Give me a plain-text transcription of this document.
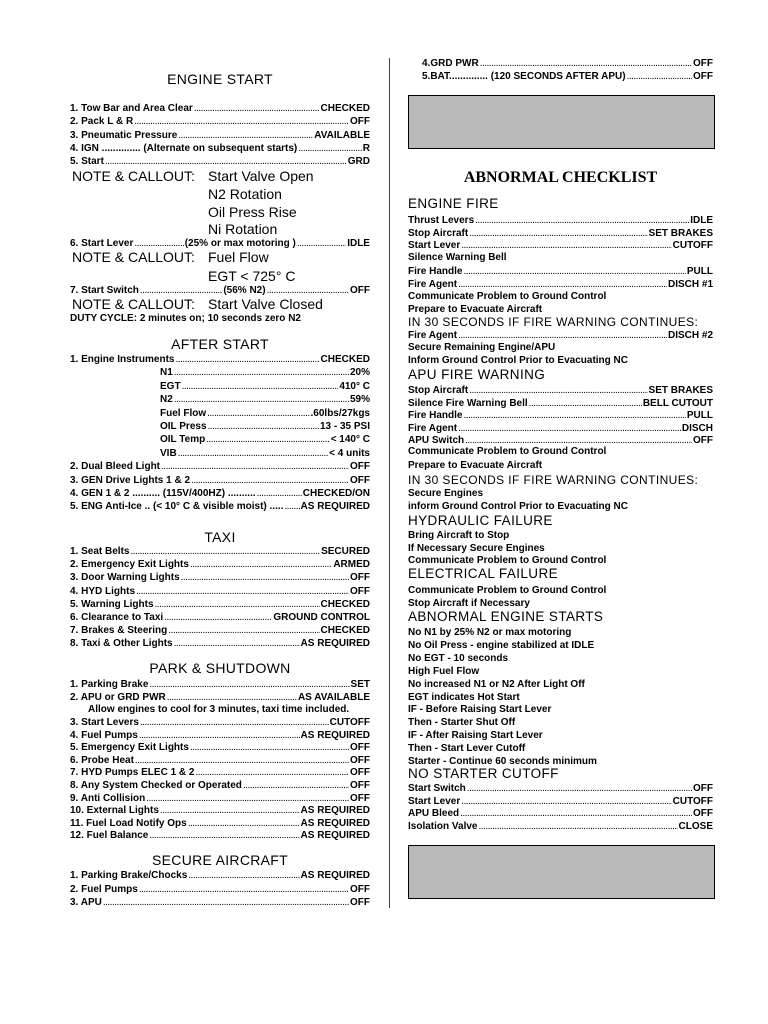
ENGINE START
1. Tow Bar and Area Clear .....	CHECKED
2. Pack L & R .....	OFF
3. Pneumatic Pressure .....	AVAILABLE
4. IGN .............. (Alternate on subsequent starts) .....	R
5. Start .....	GRD
NOTE & CALLOUT: Start Valve Open
N2 Rotation
Oil Press Rise
Ni Rotation
6. Start Lever .....	(25% or max motoring ) .....	IDLE
NOTE & CALLOUT: Fuel Flow
EGT < 725° C
7. Start Switch .....	(56% N2) .....	OFF
NOTE & CALLOUT: Start Valve Closed
DUTY CYCLE: 2 minutes on; 10 seconds zero N2
AFTER START
1. Engine Instruments .....	CHECKED
N1 .....	20%
EGT .....	410° C
N2 .....	59%
Fuel Flow .....	.60lbs/27kgs
OIL Press .....	13 - 35 PSI
OIL Temp .....	< 140° C
VIB .....	< 4 units
2. Dual Bleed Light .....	OFF
3. GEN Drive Lights 1 & 2 .....	OFF
4. GEN 1 & 2 .......... (115V/400HZ) .......... .....	CHECKED/ON
5. ENG Anti-Ice .. (< 10° C & visible moist) ..... ..... AS REQUIRED
TAXI
1. Seat Belts .....	SECURED
2. Emergency Exit Lights .....	ARMED
3. Door Warning Lights .....	OFF
4. HYD Lights .....	OFF
5. Warning Lights .....	CHECKED
6. Clearance to Taxi .....	GROUND CONTROL
7. Brakes & Steering .....	CHECKED
8. Taxi & Other Lights .....	AS REQUIRED
PARK & SHUTDOWN
1. Parking Brake .....	SET
2. APU or GRD PWR .....	AS AVAILABLE
Allow engines to cool for 3 minutes, taxi time included.
3. Start Levers .....	CUTOFF
4. Fuel Pumps .....	AS REQUIRED
5. Emergency Exit Lights .....	OFF
6. Probe Heat .....	OFF
7. HYD Pumps ELEC 1 & 2 .....	OFF
8. Any System Checked or Operated .....	OFF
9. Anti Collision .....	OFF
10. External Lights .....	AS REQUIRED
11. Fuel Load Notify Ops .....	AS REQUIRED
12. Fuel Balance .....	AS REQUIRED
SECURE AIRCRAFT
1. Parking Brake/Chocks .....	AS REQUIRED
2. Fuel Pumps .....	OFF
3. APU .....	OFF
4.GRD PWR .....	OFF
5.BAT.............. (120 SECONDS AFTER APU) .....	OFF
ABNORMAL CHECKLIST
ENGINE FIRE
Thrust Levers .....	IDLE
Stop Aircraft .....	SET BRAKES
Start Lever .....	CUTOFF
Silence Warning Bell
Fire Handle .....	PULL
Fire Agent .....	DISCH #1
Communicate Problem to Ground Control
Prepare to Evacuate Aircraft
IN 30 SECONDS IF FIRE WARNING CONTINUES:
Fire Agent .....	DISCH #2
Secure Remaining Engine/APU
Inform Ground Control Prior to Evacuating NC
APU FIRE WARNING
Stop Aircraft .....	SET BRAKES
Silence Fire Warning Bell .....	BELL CUTOUT
Fire Handle .....	PULL
Fire Agent .....	DISCH
APU Switch .....	OFF
Communicate Problem to Ground Control
Prepare to Evacuate Aircraft
IN 30 SECONDS IF FIRE WARNING CONTINUES:
Secure Engines
inform Ground Control Prior to Evacuating NC
HYDRAULIC FAILURE
Bring Aircraft to Stop
If Necessary Secure Engines
Communicate Problem to Ground Control
ELECTRICAL FAILURE
Communicate Problem to Ground Control
Stop Aircraft if Necessary
ABNORMAL ENGINE STARTS
No N1 by 25% N2 or max motoring
No Oil Press - engine stabilized at IDLE
No EGT - 10 seconds
High Fuel Flow
No increased N1 or N2 After Light Off
EGT indicates Hot Start
IF - Before Raising Start Lever
Then - Starter Shut Off
IF - After Raising Start Lever
Then - Start Lever Cutoff
Starter - Continue 60 seconds minimum
NO STARTER CUTOFF
Start Switch .....	OFF
Start Lever .....	CUTOFF
APU Bleed .....	OFF
Isolation Valve .....	CLOSE
